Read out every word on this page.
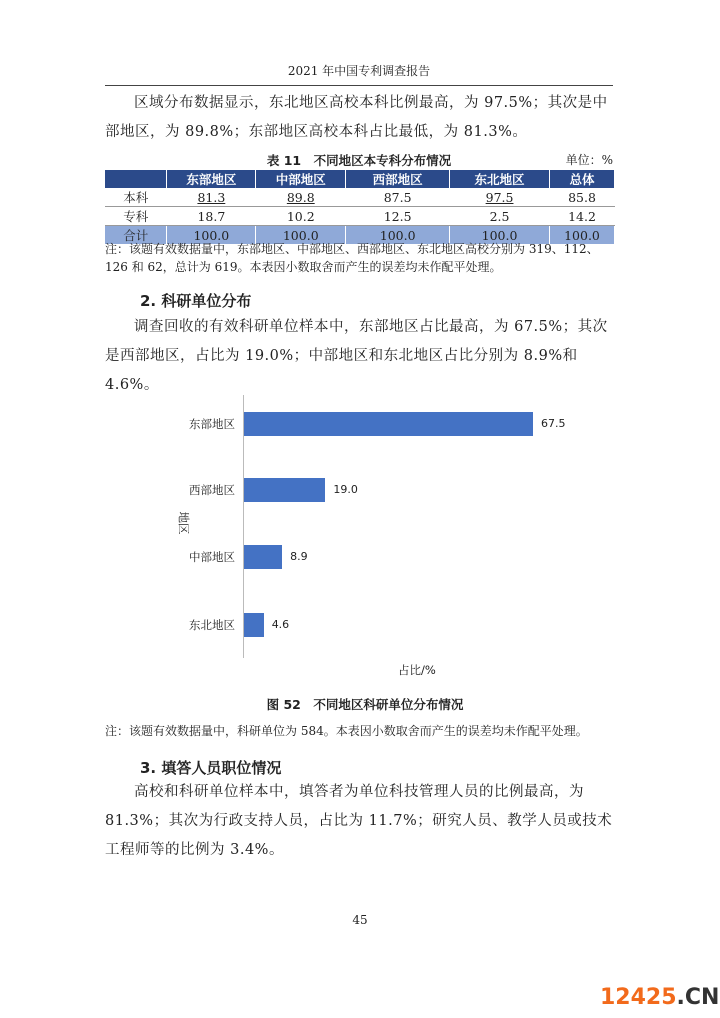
2021 年中国专利调查报告
区域分布数据显示，东北地区高校本科比例最高，为 97.5%；其次是中部地区，为 89.8%；东部地区高校本科占比最低，为 81.3%。
表 11　不同地区本专科分布情况	单位：%
	东部地区	中部地区	西部地区	东北地区	总体
本科	81.3	89.8	87.5	97.5	85.8
专科	18.7	10.2	12.5	2.5	14.2
合计	100.0	100.0	100.0	100.0	100.0
注：该题有效数据量中，东部地区、中部地区、西部地区、东北地区高校分别为 319、112、126 和 62，总计为 619。本表因小数取舍而产生的误差均未作配平处理。
2. 科研单位分布
调查回收的有效科研单位样本中，东部地区占比最高，为 67.5%；其次是西部地区，占比为 19.0%；中部地区和东北地区占比分别为 8.9%和 4.6%。
地区
占比/%
东部地区	67.5
西部地区	19.0
中部地区	8.9
东北地区	4.6
图 52　不同地区科研单位分布情况
注：该题有效数据量中，科研单位为 584。本表因小数取舍而产生的误差均未作配平处理。
3. 填答人员职位情况
高校和科研单位样本中，填答者为单位科技管理人员的比例最高，为 81.3%；其次为行政支持人员，占比为 11.7%；研究人员、教学人员或技术工程师等的比例为 3.4%。
45
12425.CN
